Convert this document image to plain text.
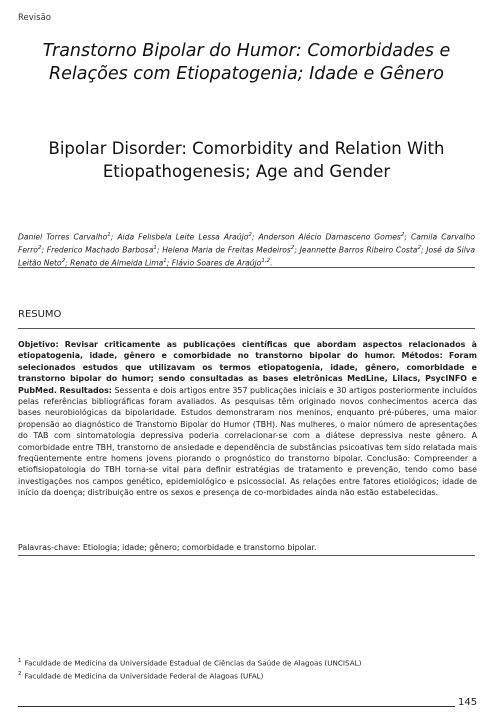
Revisão
Transtorno Bipolar do Humor: Comorbidades e Relações com Etiopatogenia; Idade e Gênero
Bipolar Disorder: Comorbidity and Relation With Etiopathogenesis; Age and Gender
Daniel Torres Carvalho$^1$; Aida Felisbela Leite Lessa Araújo$^2$; Anderson Alécio Damasceno Gomes$^2$; Camila Carvalho Ferro$^2$; Frederico Machado Barbosa$^1$; Helena Maria de Freitas Medeiros$^2$; Jeannette Barros Ribeiro Costa$^2$; José da Silva Leitão Neto$^2$; Renato de Almeida Lima$^1$; Flávio Soares de Araújo$^{1,2}$.
RESUMO
Objetivo: Revisar criticamente as publicações científicas que abordam aspectos relacionados à etiopatogenia, idade, gênero e comorbidade no transtorno bipolar do humor. Métodos: Foram selecionados estudos que utilizavam os termos etiopatogenia, idade, gênero, comorbidade e transtorno bipolar do humor; sendo consultadas as bases eletrônicas MedLine, Lilacs, PsycINFO e PubMed. Resultados: Sessenta e dois artigos entre 357 publicações iniciais e 30 artigos posteriormente incluídos pelas referências bibliográficas foram avaliados. As pesquisas têm originado novos conhecimentos acerca das bases neurobiológicas da bipolaridade. Estudos demonstraram nos meninos, enquanto pré-púberes, uma maior propensão ao diagnóstico de Transtorno Bipolar do Humor (TBH). Nas mulheres, o maior número de apresentações do TAB com sintomatologia depressiva poderia correlacionar-se com a diátese depressiva neste gênero. A comorbidade entre TBH, transtorno de ansiedade e dependência de substâncias psicoativas tem sido relatada mais freqüentemente entre homens jovens piorando o prognóstico do transtorno bipolar. Conclusão: Compreender a etiofisiopatologia do TBH torna-se vital para definir estratégias de tratamento e prevenção, tendo como base investigações nos campos genético, epidemiológico e psicossocial. As relações entre fatores etiológicos; idade de início da doença; distribuição entre os sexos e presença de co-morbidades ainda não estão estabelecidas.
Palavras-chave: Etiologia; idade; gênero; comorbidade e transtorno bipolar.
$^1$ Faculdade de Medicina da Universidade Estadual de Ciências da Saúde de Alagoas (UNCISAL)
$^2$ Faculdade de Medicina da Universidade Federal de Alagoas (UFAL)
145
